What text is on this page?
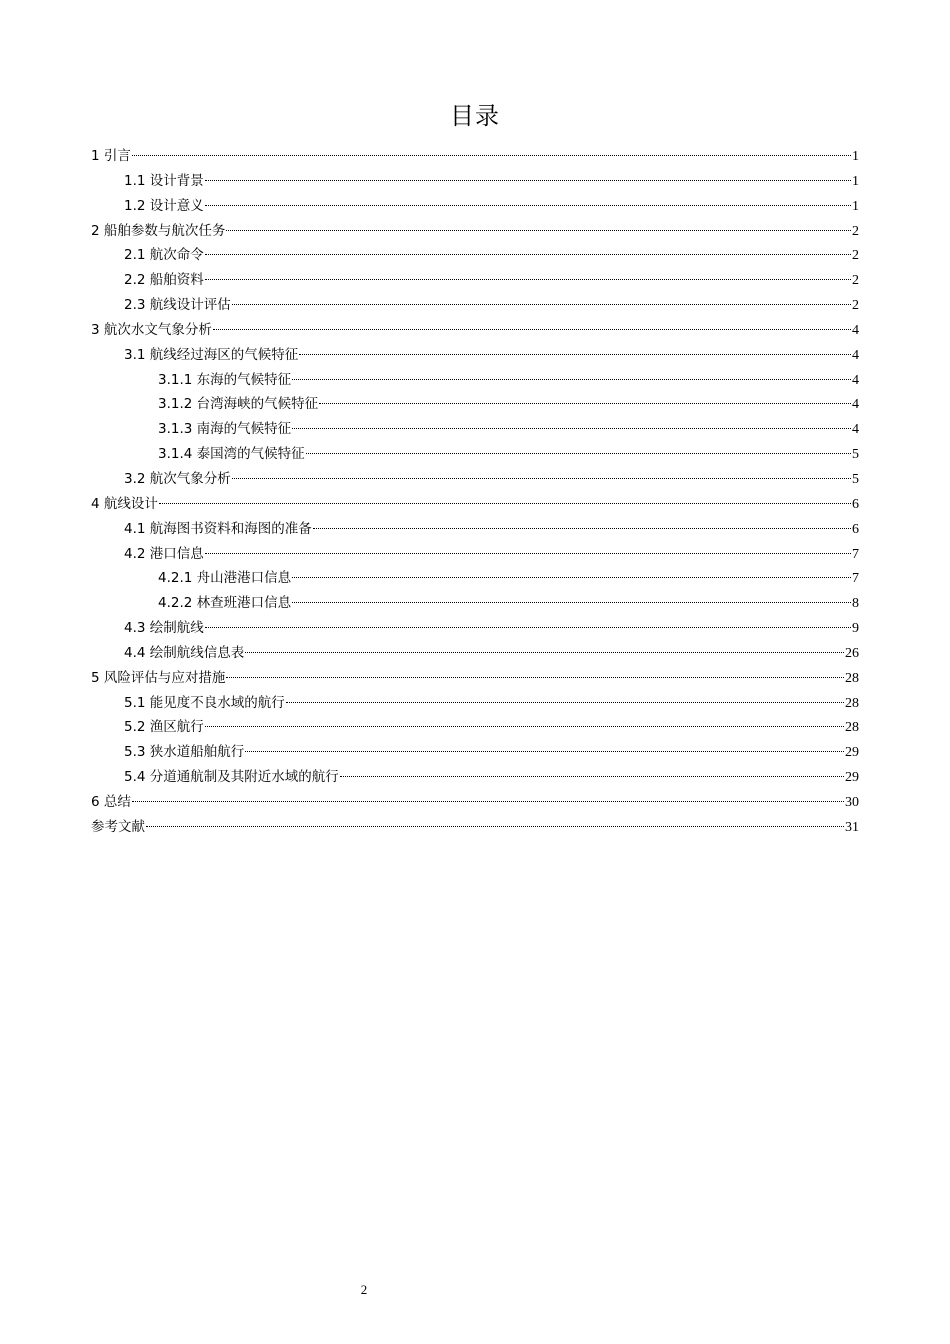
目录
1 引言	1
1.1 设计背景	1
1.2 设计意义	1
2 船舶参数与航次任务	2
2.1 航次命令	2
2.2 船舶资料	2
2.3 航线设计评估	2
3 航次水文气象分析	4
3.1 航线经过海区的气候特征	4
3.1.1 东海的气候特征	4
3.1.2 台湾海峡的气候特征	4
3.1.3 南海的气候特征	4
3.1.4 泰国湾的气候特征	5
3.2 航次气象分析	5
4 航线设计	6
4.1 航海图书资料和海图的准备	6
4.2 港口信息	7
4.2.1 舟山港港口信息	7
4.2.2 林查班港口信息	8
4.3 绘制航线	9
4.4 绘制航线信息表	26
5 风险评估与应对措施	28
5.1 能见度不良水域的航行	28
5.2 渔区航行	28
5.3 狭水道船舶航行	29
5.4 分道通航制及其附近水域的航行	29
6 总结	30
参考文献	31
2
